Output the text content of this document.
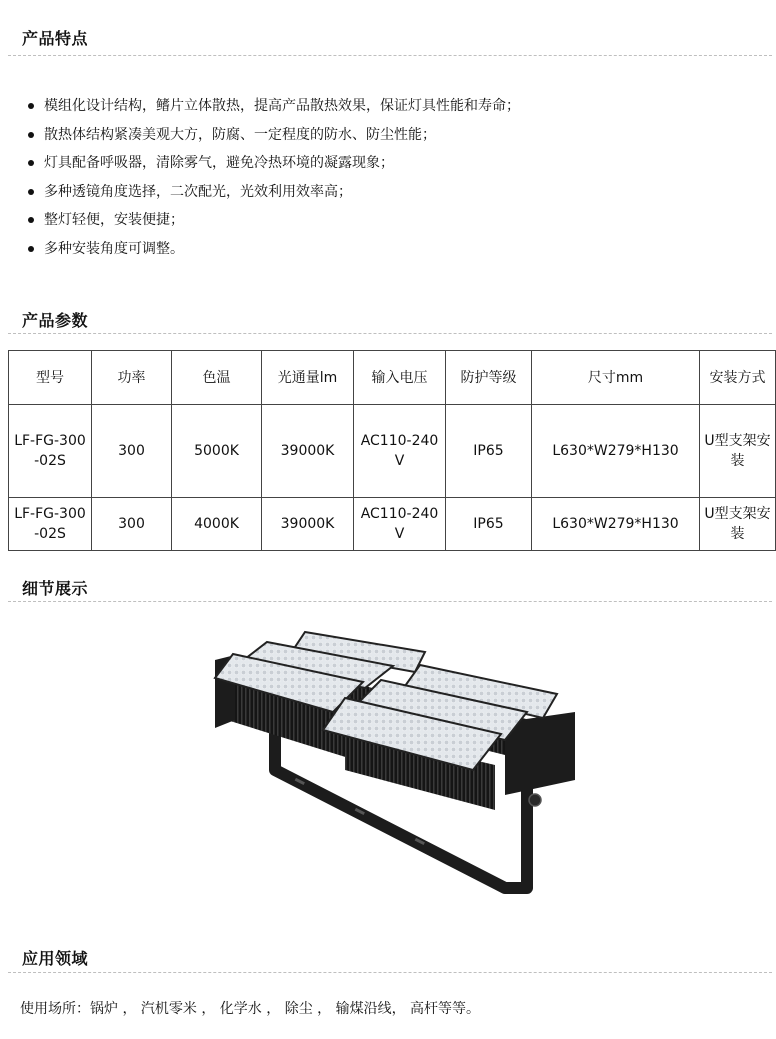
产品特点
模组化设计结构，鳍片立体散热，提高产品散热效果，保证灯具性能和寿命；
散热体结构紧凑美观大方，防腐、一定程度的防水、防尘性能；
灯具配备呼吸器，清除雾气，避免冷热环境的凝露现象；
多种透镜角度选择，二次配光，光效利用效率高；
整灯轻便，安装便捷；
多种安装角度可调整。
产品参数
型号	功率	色温	光通量lm	输入电压	防护等级	尺寸mm	安装方式
LF-FG-300-02S	300	5000K	39000K	AC110-240V	IP65	L630*W279*H130	U型支架安装
LF-FG-300-02S	300	4000K	39000K	AC110-240V	IP65	L630*W279*H130	U型支架安装
细节展示
应用领域
使用场所：锅炉 ， 汽机零米 ， 化学水 ， 除尘 ， 输煤沿线， 高杆等等。
